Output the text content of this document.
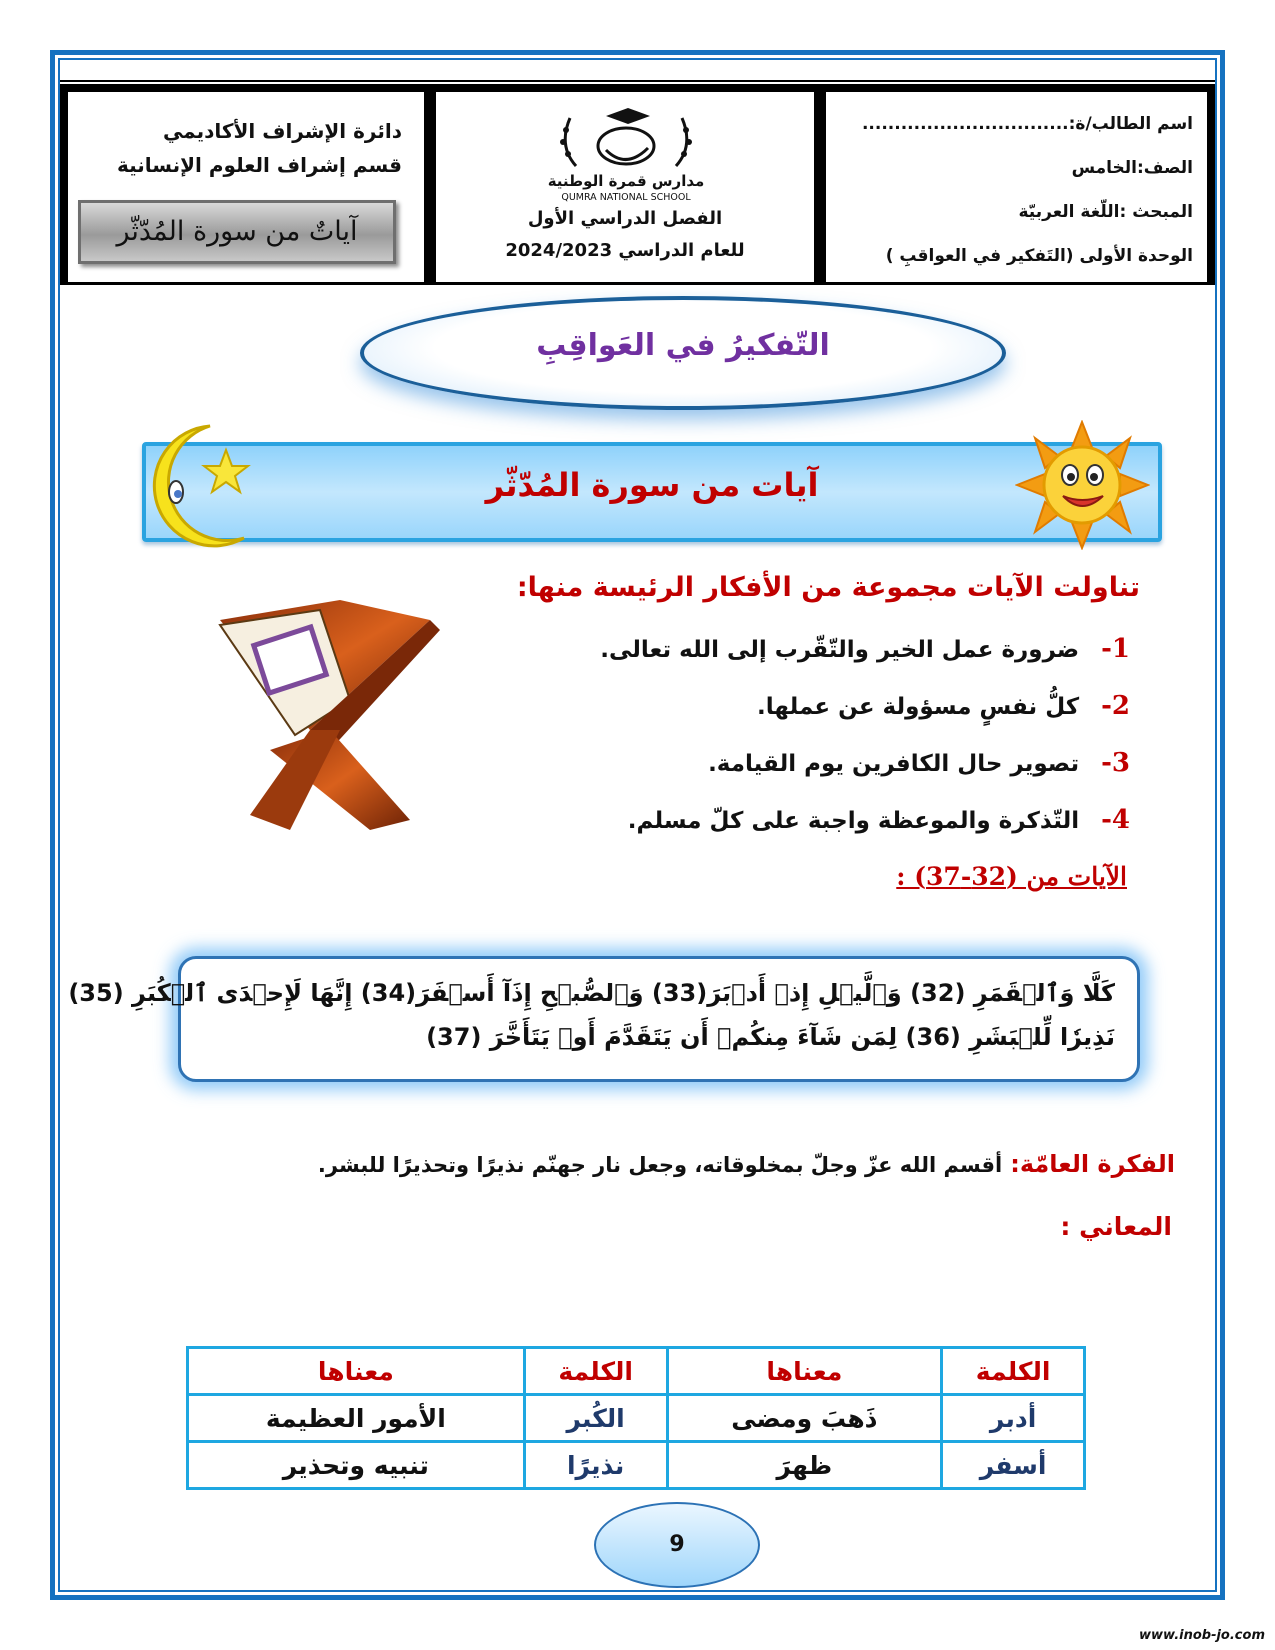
اسم الطالب/ة:................................
الصف:الخامس
المبحث :اللّغة العربيّة
الوحدة الأولى (التَفكير في العواقبِ )
مدارس قمرة الوطنية
QUMRA NATIONAL SCHOOL
الفصل الدراسي الأول
للعام الدراسي 2024/2023
دائرة الإشراف الأكاديمي
قسم إشراف العلوم الإنسانية
آياتٌ من سورة المُدّثّر
التّفكيرُ في العَواقِبِ
آيات من سورة المُدّثّر
تناولت الآيات مجموعة من الأفكار الرئيسة منها:
1-ضرورة عمل الخير والتّقّرب إلى الله تعالى.
2-كلُّ نفسٍ مسؤولة عن عملها.
3-تصوير حال الكافرين يوم القيامة.
4-التّذكرة والموعظة واجبة على كلّ مسلم.
الآيات من (32-37) :
كَلَّا وَٱلۡقَمَرِ (32) وَٱلَّيۡلِ إِذۡ أَدۡبَرَ(33) وَٱلصُّبۡحِ إِذَآ أَسۡفَرَ(34) إِنَّهَا لَإِحۡدَى ٱلۡكُبَرِ (35)
نَذِيرٗا لِّلۡبَشَرِ (36) لِمَن شَآءَ مِنكُمۡ أَن يَتَقَدَّمَ أَوۡ يَتَأَخَّرَ (37)
الفكرة العامّة:أقسم الله عزّ وجلّ بمخلوقاته، وجعل نار جهنّم نذيرًا وتحذيرًا للبشر.
المعاني :
الكلمة	معناها	الكلمة	معناها
أدبر	ذَهبَ ومضى	الكُبر	الأمور العظيمة
أسفر	ظهرَ	نذيرًا	تنبيه وتحذير
9
www.inob-jo.com
